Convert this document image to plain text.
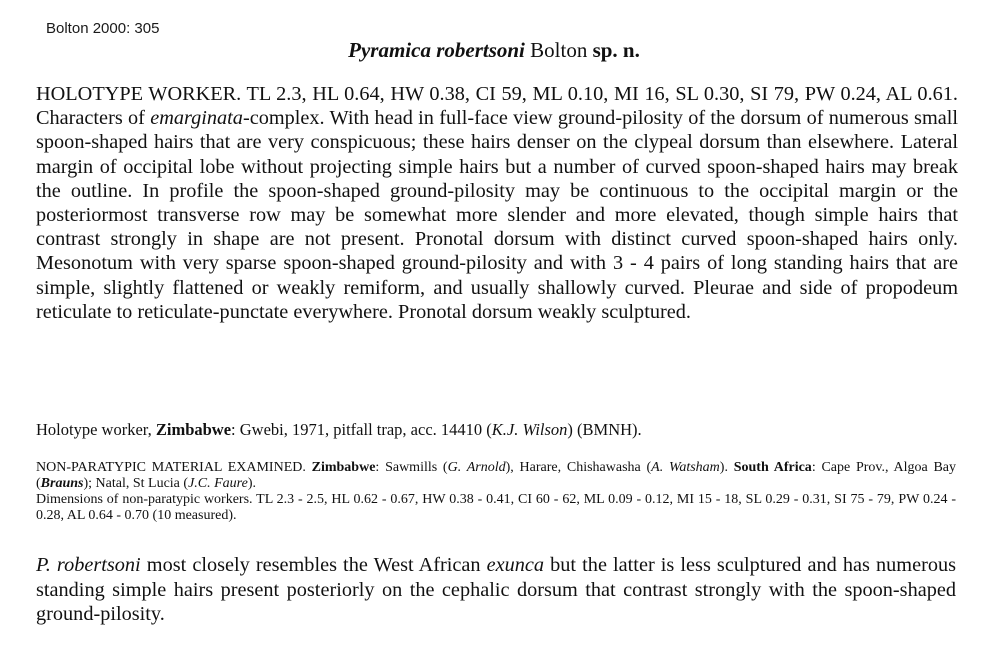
Bolton 2000: 305
Pyramica robertsoni Bolton sp. n.

HOLOTYPE WORKER. TL 2.3, HL 0.64, HW 0.38, CI 59, ML 0.10, MI 16, SL 0.30, SI 79, PW 0.24, AL 0.61. Characters of emarginata-complex. With head in full-face view ground-pilosity of the dorsum of numerous small spoon-shaped hairs that are very conspicuous; these hairs denser on the clypeal dorsum than elsewhere. Lateral margin of occipital lobe without projecting simple hairs but a number of curved spoon-shaped hairs may break the outline. In profile the spoon-shaped ground-pilosity may be continuous to the occipital margin or the posteriormost transverse row may be somewhat more slender and more elevated, though simple hairs that contrast strongly in shape are not present. Pronotal dorsum with distinct curved spoon-shaped hairs only. Mesonotum with very sparse spoon-shaped ground-pilosity and with 3 - 4 pairs of long standing hairs that are simple, slightly flattened or weakly remiform, and usually shallowly curved. Pleurae and side of propodeum reticulate to reticulate-punctate everywhere. Pronotal dorsum weakly sculptured.

Holotype worker, Zimbabwe: Gwebi, 1971, pitfall trap, acc. 14410 (K.J. Wilson) (BMNH).

NON-PARATYPIC MATERIAL EXAMINED. Zimbabwe: Sawmills (G. Arnold), Harare, Chishawasha (A. Watsham). South Africa: Cape Prov., Algoa Bay (Brauns); Natal, St Lucia (J.C. Faure).

Dimensions of non-paratypic workers. TL 2.3 - 2.5, HL 0.62 - 0.67, HW 0.38 - 0.41, CI 60 - 62, ML 0.09 - 0.12, MI 15 - 18, SL 0.29 - 0.31, SI 75 - 79, PW 0.24 - 0.28, AL 0.64 - 0.70 (10 measured).

P. robertsoni most closely resembles the West African exunca but the latter is less sculptured and has numerous standing simple hairs present posteriorly on the cephalic dorsum that contrast strongly with the spoon-shaped ground-pilosity.
